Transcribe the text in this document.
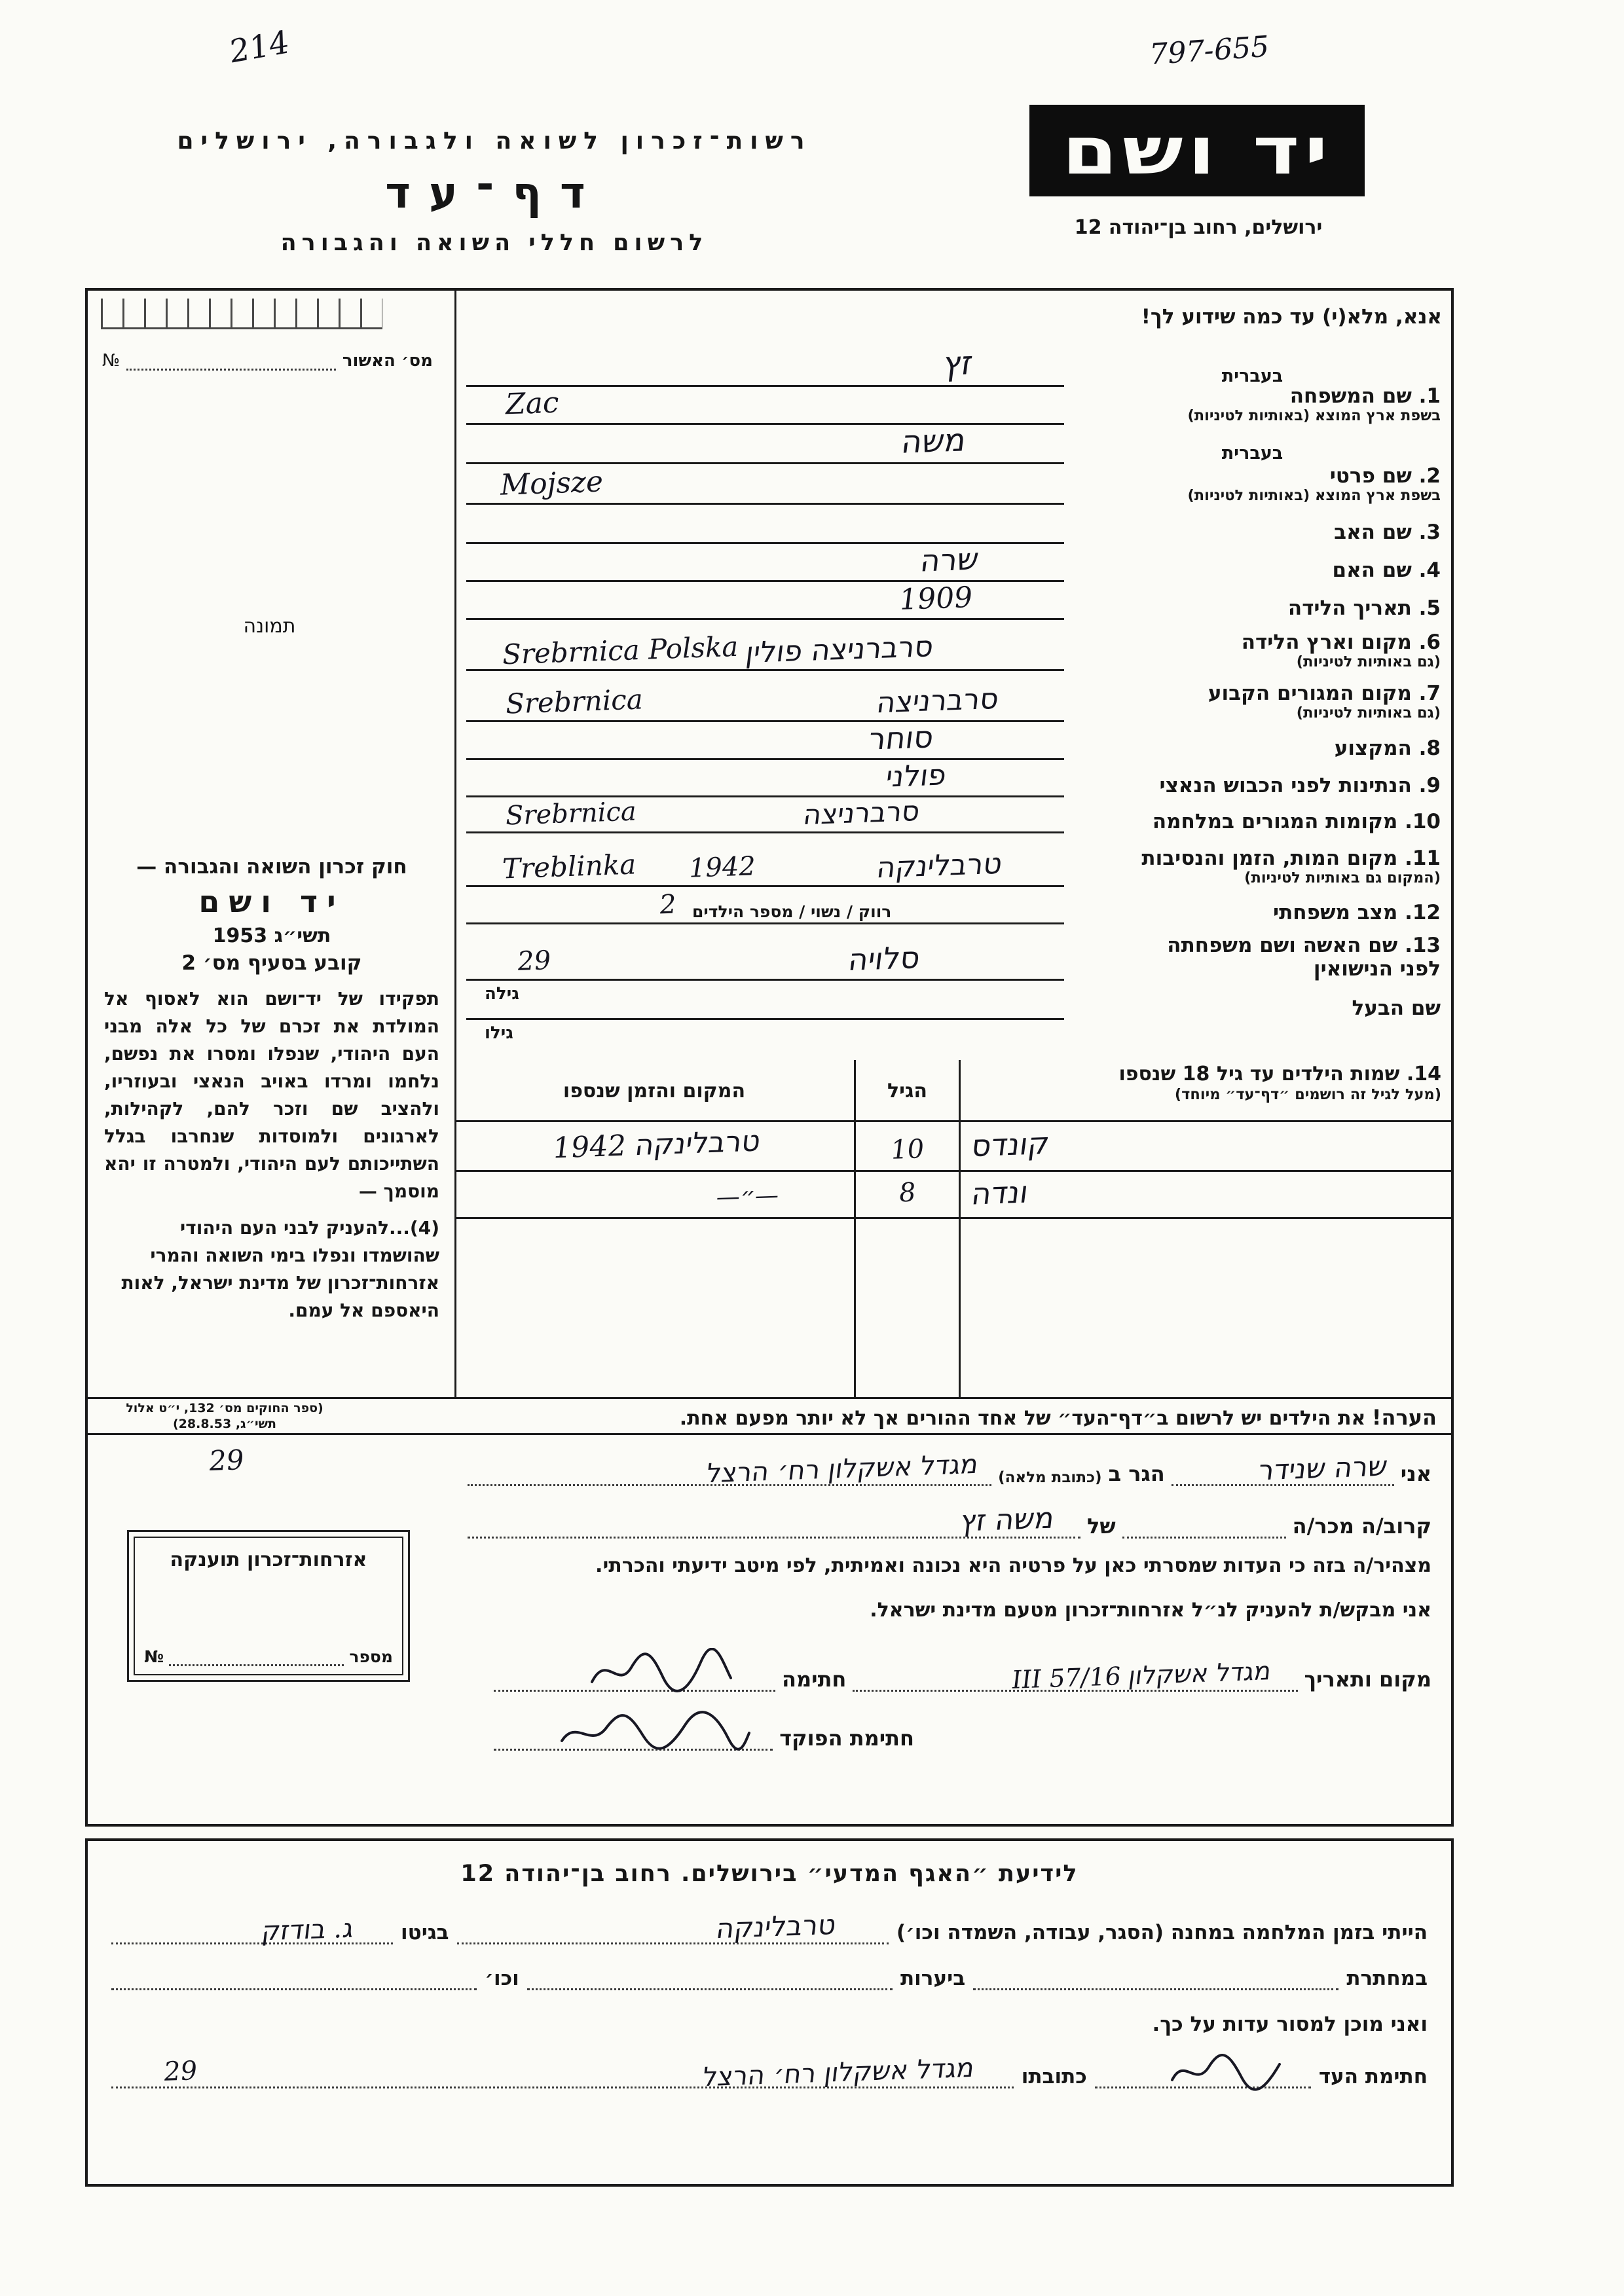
214	797-655
רשות־זכרון לשואה ולגבורה, ירושלים
דף־עד
לרשום חללי השואה והגבורה
יד ושם
ירושלים, רחוב בן־יהודה 12
מס׳ האשור
№
תמונה
חוק זכרון השואה והגבורה —
יד ושם
תשי״ג 1953
קובע בסעיף מס׳ 2
תפקידו של יד־ושם הוא לאסוף אל המולדת את זכרם של כל אלה מבני העם היהודי, שנפלו ומסרו את נפשם, נלחמו ומרדו באויב הנאצי ובעוזריו, ולהציב שם וזכר להם, לקהילות, לארגונים ולמוסדות שנחרבו בגלל השתייכותם לעם היהודי, ולמטרה זו יהא מוסמך —
(4)...להעניק לבני העם היהודי שהושמדו ונפלו בימי השואה והמרי אזרחות־זכרון של מדינת ישראל, לאות היאספם אל עמם.
אנא, מלא(י) עד כמה שידוע לך!
בעברית
זץ
1. שם המשפחה
בשפת ארץ המוצא (באותיות לטיניות)
Zac
בעברית
משה
2. שם פרטי
בשפת ארץ המוצא (באותיות לטיניות)
Mojsze
3. שם האב
4. שם האם
שרה
5. תאריך הלידה
1909
6. מקום וארץ הלידה
(גם באותיות לטיניות)
Srebrnica Polska סרברניצה פולין
7. מקום המגורים הקבוע
(גם באותיות לטיניות)
Srebrnica	סרברניצה
8. המקצוע
סוחר
9. הנתינות לפני הכבוש הנאצי
פולני
10. מקומות המגורים במלחמה
Srebrnica	סרברניצה
11. מקום המות, הזמן והנסיבות
(המקום גם באותיות לטיניות)
Treblinka 1942	טרבלינקה
12. מצב משפחתי
רווק / נשוי / מספר הילדים
2
13. שם האשה ושם משפחתה
לפני הנישואין
סלויה
29
גילה
שם הבעל
גילו
14. שמות הילדים עד גיל 18 שנספו
(מעל לגיל זה רושמים ״דף־עד״ מיוחד)
המקום והזמן שנספו	הגיל
טרבלינקה 1942	10	קונדס
—״—	8	ונדה
הערה! את הילדים יש לרשום ב״דף־העד״ של אחד ההורים אך לא יותר מפעם אחת.
(ספר החוקים מס׳ 132, י״ט אלול תשי״ג, 28.8.53)
29	אני
שרה שנידר
הגר ב
(כתובת מלאה)
מגדל אשקלון רח׳ הרצל
קרוב/ה מכר/ה
של
משה זץ
מצהיר/ה בזה כי העדות שמסרתי כאן על פרטיה היא נכונה ואמיתית, לפי מיטב ידיעתי והכרתי.
אני מבקש/ת להעניק לנ״ל אזרחות־זכרון מטעם מדינת ישראל.
מקום ותאריך
מגדל אשקלון 16/III 57
חתימה
חתימת הפוקד
אזרחות־זכרון תוענקה
מספר
№
לידיעת ״האגף המדעי״ בירושלים. רחוב בן־יהודה 12
הייתי בזמן המלחמה במחנה (הסגר, עבודה, השמדה וכו׳)
טרבלינקה
בגיטו
ג. בודזק
במחתרת
ביערות
וכו׳
ואני מוכן למסור עדות על כך.
חתימת העד
כתובתו
מגדל אשקלון רח׳ הרצל
29
